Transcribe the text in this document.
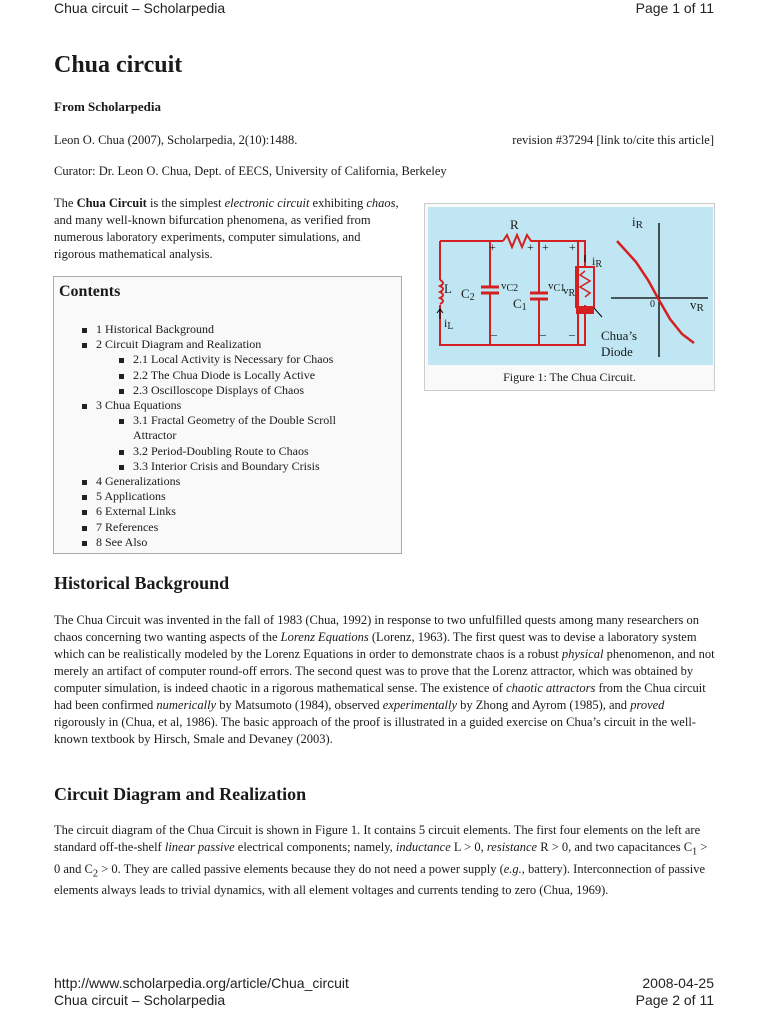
Chua circuit – Scholarpedia	Page 1 of 11
Chua circuit
From Scholarpedia
Leon O. Chua (2007), Scholarpedia, 2(10):1488.	revision #37294 [link to/cite this article]
Curator: Dr. Leon O. Chua, Dept. of EECS, University of California, Berkeley

The Chua Circuit is the simplest electronic circuit exhibiting chaos, and many well-known bifurcation phenomena, as verified from numerous laboratory experiments, computer simulations, and rigorous mathematical analysis.

R	iR
iR
L
iL
C2
vC2
C1
vC1
vR
vR
0
Chua’s
Diode
+	+ + +
–	– –
Figure 1: The Chua Circuit.
Contents
1 Historical Background
2 Circuit Diagram and Realization
2.1 Local Activity is Necessary for Chaos
2.2 The Chua Diode is Locally Active
2.3 Oscilloscope Displays of Chaos
3 Chua Equations
3.1 Fractal Geometry of the Double Scroll Attractor
3.2 Period-Doubling Route to Chaos
3.3 Interior Crisis and Boundary Crisis
4 Generalizations
5 Applications
6 External Links
7 References
8 See Also
Historical Background

The Chua Circuit was invented in the fall of 1983 (Chua, 1992) in response to two unfulfilled quests among many researchers on chaos concerning two wanting aspects of the Lorenz Equations (Lorenz, 1963). The first quest was to devise a laboratory system which can be realistically modeled by the Lorenz Equations in order to demonstrate chaos is a robust physical phenomenon, and not merely an artifact of computer round-off errors. The second quest was to prove that the Lorenz attractor, which was obtained by computer simulation, is indeed chaotic in a rigorous mathematical sense. The existence of chaotic attractors from the Chua circuit had been confirmed numerically by Matsumoto (1984), observed experimentally by Zhong and Ayrom (1985), and proved rigorously in (Chua, et al, 1986). The basic approach of the proof is illustrated in a guided exercise on Chua’s circuit in the well-known textbook by Hirsch, Smale and Devaney (2003).

Circuit Diagram and Realization

The circuit diagram of the Chua Circuit is shown in Figure 1. It contains 5 circuit elements. The first four elements on the left are standard off-the-shelf linear passive electrical components; namely, inductance L > 0, resistance R > 0, and two capacitances $C_1 > 0$ and $C_2 > 0$. They are called passive elements because they do not need a power supply (e.g., battery). Interconnection of passive elements always leads to trivial dynamics, with all element voltages and currents tending to zero (Chua, 1969).

http://www.scholarpedia.org/article/Chua_circuit	2008-04-25
Chua circuit – Scholarpedia	Page 2 of 11
